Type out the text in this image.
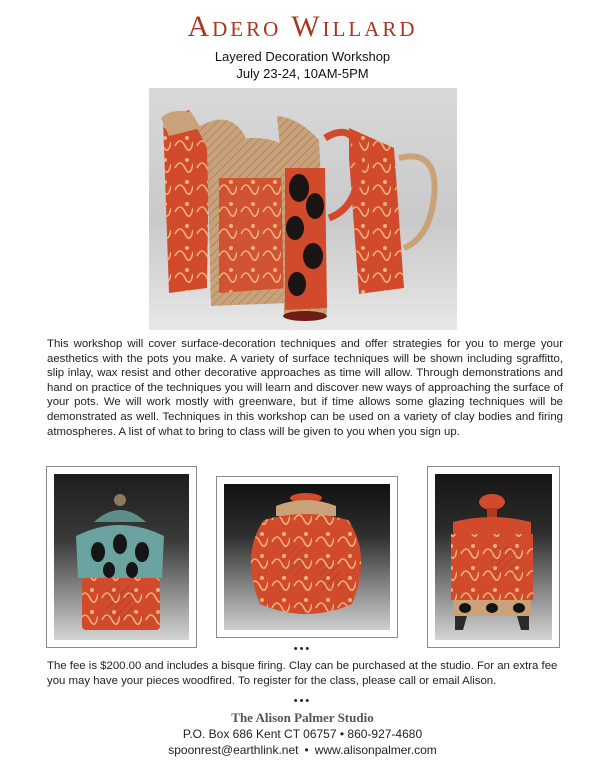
Adero Willard
Layered Decoration Workshop
July 23-24, 10AM-5PM

This workshop will cover surface-decoration techniques and offer strategies for you to merge your aesthetics with the pots you make. A variety of surface techniques will be shown including sgraffitto, slip inlay, wax resist and other decorative approaches as time will allow. Through demonstrations and hand on practice of the techniques you will learn and discover new ways of approaching the surface of your pots. We will work mostly with greenware, but if time allows some glazing techniques will be demonstrated as well. Techniques in this workshop can be used on a variety of clay bodies and firing atmospheres. A list of what to bring to class will be given to you when you sign up.

•••

The fee is $200.00 and includes a bisque firing. Clay can be purchased at the studio. For an extra fee you may have your pieces woodfired. To register for the class, please call or email Alison.

•••
The Alison Palmer Studio
P.O. Box 686 Kent CT 06757 • 860-927-4680
spoonrest@earthlink.net • www.alisonpalmer.com
